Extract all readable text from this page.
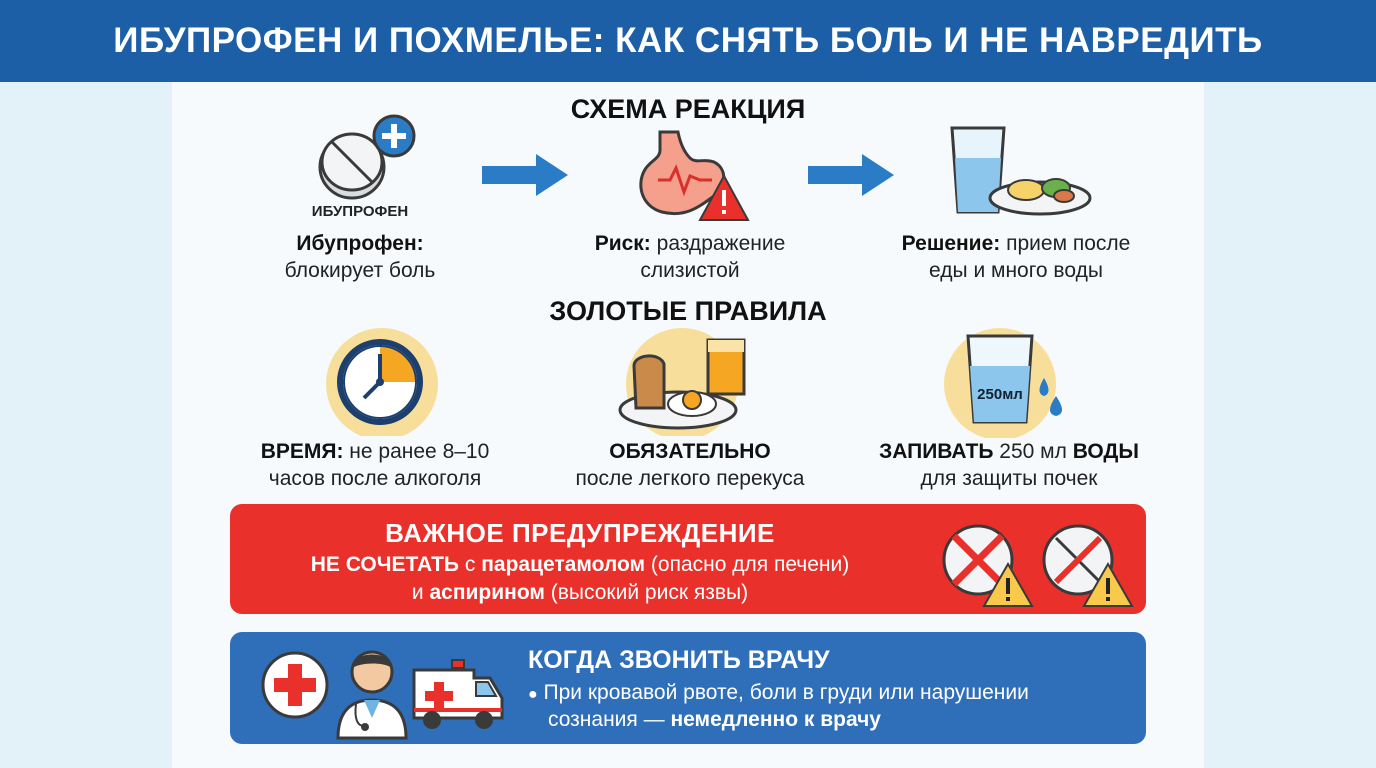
ИБУПРОФЕН И ПОХМЕЛЬЕ: КАК СНЯТЬ БОЛЬ И НЕ НАВРЕДИТЬ
СХЕМА РЕАКЦИЯ
ИБУПРОФЕН
Ибупрофен:
блокирует боль
Риск: раздражение
слизистой
Решение: прием после
еды и много воды
ЗОЛОТЫЕ ПРАВИЛА
ВРЕМЯ: не ранее 8–10
часов после алкоголя
ОБЯЗАТЕЛЬНО
после легкого перекуса
250мл
ЗАПИВАТЬ 250 мл ВОДЫ
для защиты почек
ВАЖНОЕ ПРЕДУПРЕЖДЕНИЕ
НЕ СОЧЕТАТЬ с парацетамолом (опасно для печени)
и аспирином (высокий риск язвы)
КОГДА ЗВОНИТЬ ВРАЧУ
● При кровавой рвоте, боли в груди или нарушении
сознания — немедленно к врачу
